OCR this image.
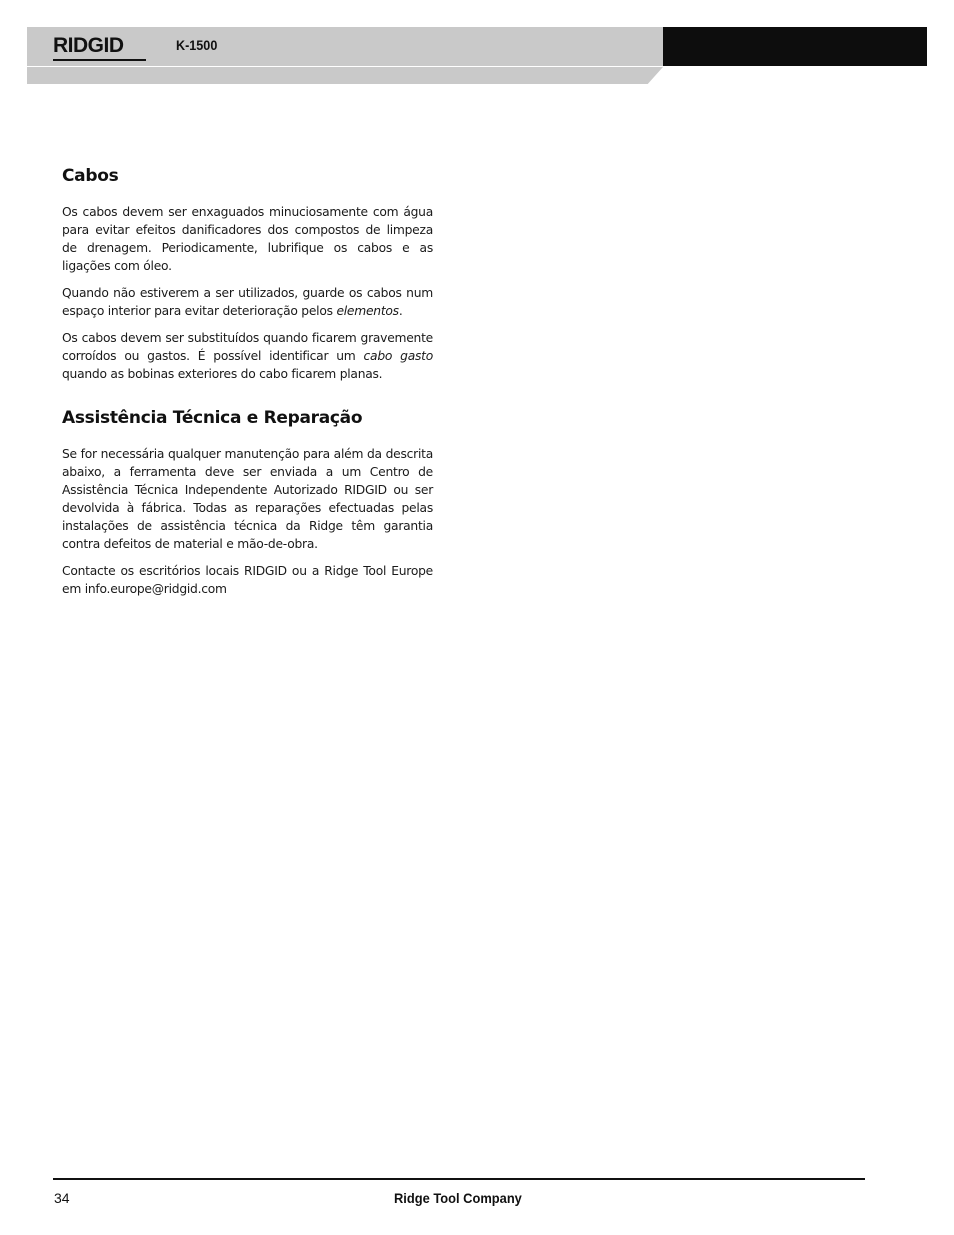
RIDGID	K-1500
Cabos

Os cabos devem ser enxaguados minuciosamente com água para evitar efeitos danificadores dos compostos de limpeza de drenagem. Periodicamente, lubrifique os cabos e as ligações com óleo.

Quando não estiverem a ser utilizados, guarde os cabos num espaço interior para evitar deterioração pelos elementos.

Os cabos devem ser substituídos quando ficarem gravemente corroídos ou gastos. É possível identificar um cabo gasto quando as bobinas exteriores do cabo ficarem planas.

Assistência Técnica e Reparação

Se for necessária qualquer manutenção para além da descrita abaixo, a ferramenta deve ser enviada a um Centro de Assistência Técnica Independente Autorizado RIDGID ou ser devolvida à fábrica. Todas as reparações efectuadas pelas instalações de assistência técnica da Ridge têm garantia contra defeitos de material e mão-de-obra.

Contacte os escritórios locais RIDGID ou a Ridge Tool Europe em info.europe@ridgid.com

34	Ridge Tool Company
